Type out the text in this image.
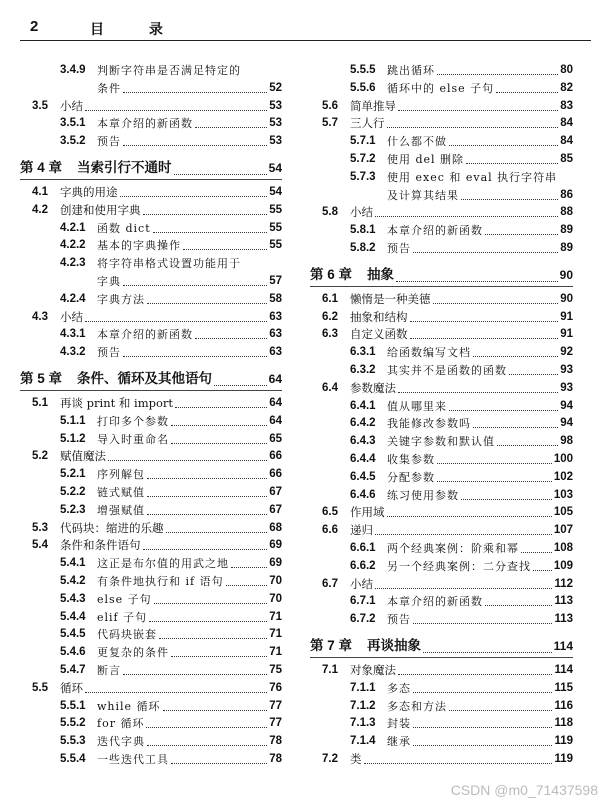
2	目 录
3.4.9 判断字符串是否满足特定的
条件	52
3.5 小结	53
3.5.1 本章介绍的新函数	53
3.5.2 预告	53
第 4 章 当索引行不通时	54
4.1 字典的用途	54
4.2 创建和使用字典	55
4.2.1 函数 dict	55
4.2.2 基本的字典操作	55
4.2.3 将字符串格式设置功能用于
字典	57
4.2.4 字典方法	58
4.3 小结	63
4.3.1 本章介绍的新函数	63
4.3.2 预告	63
第 5 章 条件、循环及其他语句	64
5.1 再谈 print 和 import	64
5.1.1 打印多个参数	64
5.1.2 导入时重命名	65
5.2 赋值魔法	66
5.2.1 序列解包	66
5.2.2 链式赋值	67
5.2.3 增强赋值	67
5.3 代码块：缩进的乐趣	68
5.4 条件和条件语句	69
5.4.1 这正是布尔值的用武之地	69
5.4.2 有条件地执行和 if 语句	70
5.4.3 else 子句	70
5.4.4 elif 子句	71
5.4.5 代码块嵌套	71
5.4.6 更复杂的条件	71
5.4.7 断言	75
5.5 循环	76
5.5.1 while 循环	77
5.5.2 for 循环	77
5.5.3 迭代字典	78
5.5.4 一些迭代工具	78
5.5.5 跳出循环	80
5.5.6 循环中的 else 子句	82
5.6 简单推导	83
5.7 三人行	84
5.7.1 什么都不做	84
5.7.2 使用 del 删除	85
5.7.3 使用 exec 和 eval 执行字符串
及计算其结果	86
5.8 小结	88
5.8.1 本章介绍的新函数	89
5.8.2 预告	89
第 6 章 抽象	90
6.1 懒惰是一种美德	90
6.2 抽象和结构	91
6.3 自定义函数	91
6.3.1 给函数编写文档	92
6.3.2 其实并不是函数的函数	93
6.4 参数魔法	93
6.4.1 值从哪里来	94
6.4.2 我能修改参数吗	94
6.4.3 关键字参数和默认值	98
6.4.4 收集参数	100
6.4.5 分配参数	102
6.4.6 练习使用参数	103
6.5 作用域	105
6.6 递归	107
6.6.1 两个经典案例：阶乘和幂	108
6.6.2 另一个经典案例：二分查找 109
6.7 小结	112
6.7.1 本章介绍的新函数	113
6.7.2 预告	113
第 7 章 再谈抽象	114
7.1 对象魔法	114
7.1.1 多态	115
7.1.2 多态和方法	116
7.1.3 封装	118
7.1.4 继承	119
7.2 类	119
CSDN @m0_71437598
